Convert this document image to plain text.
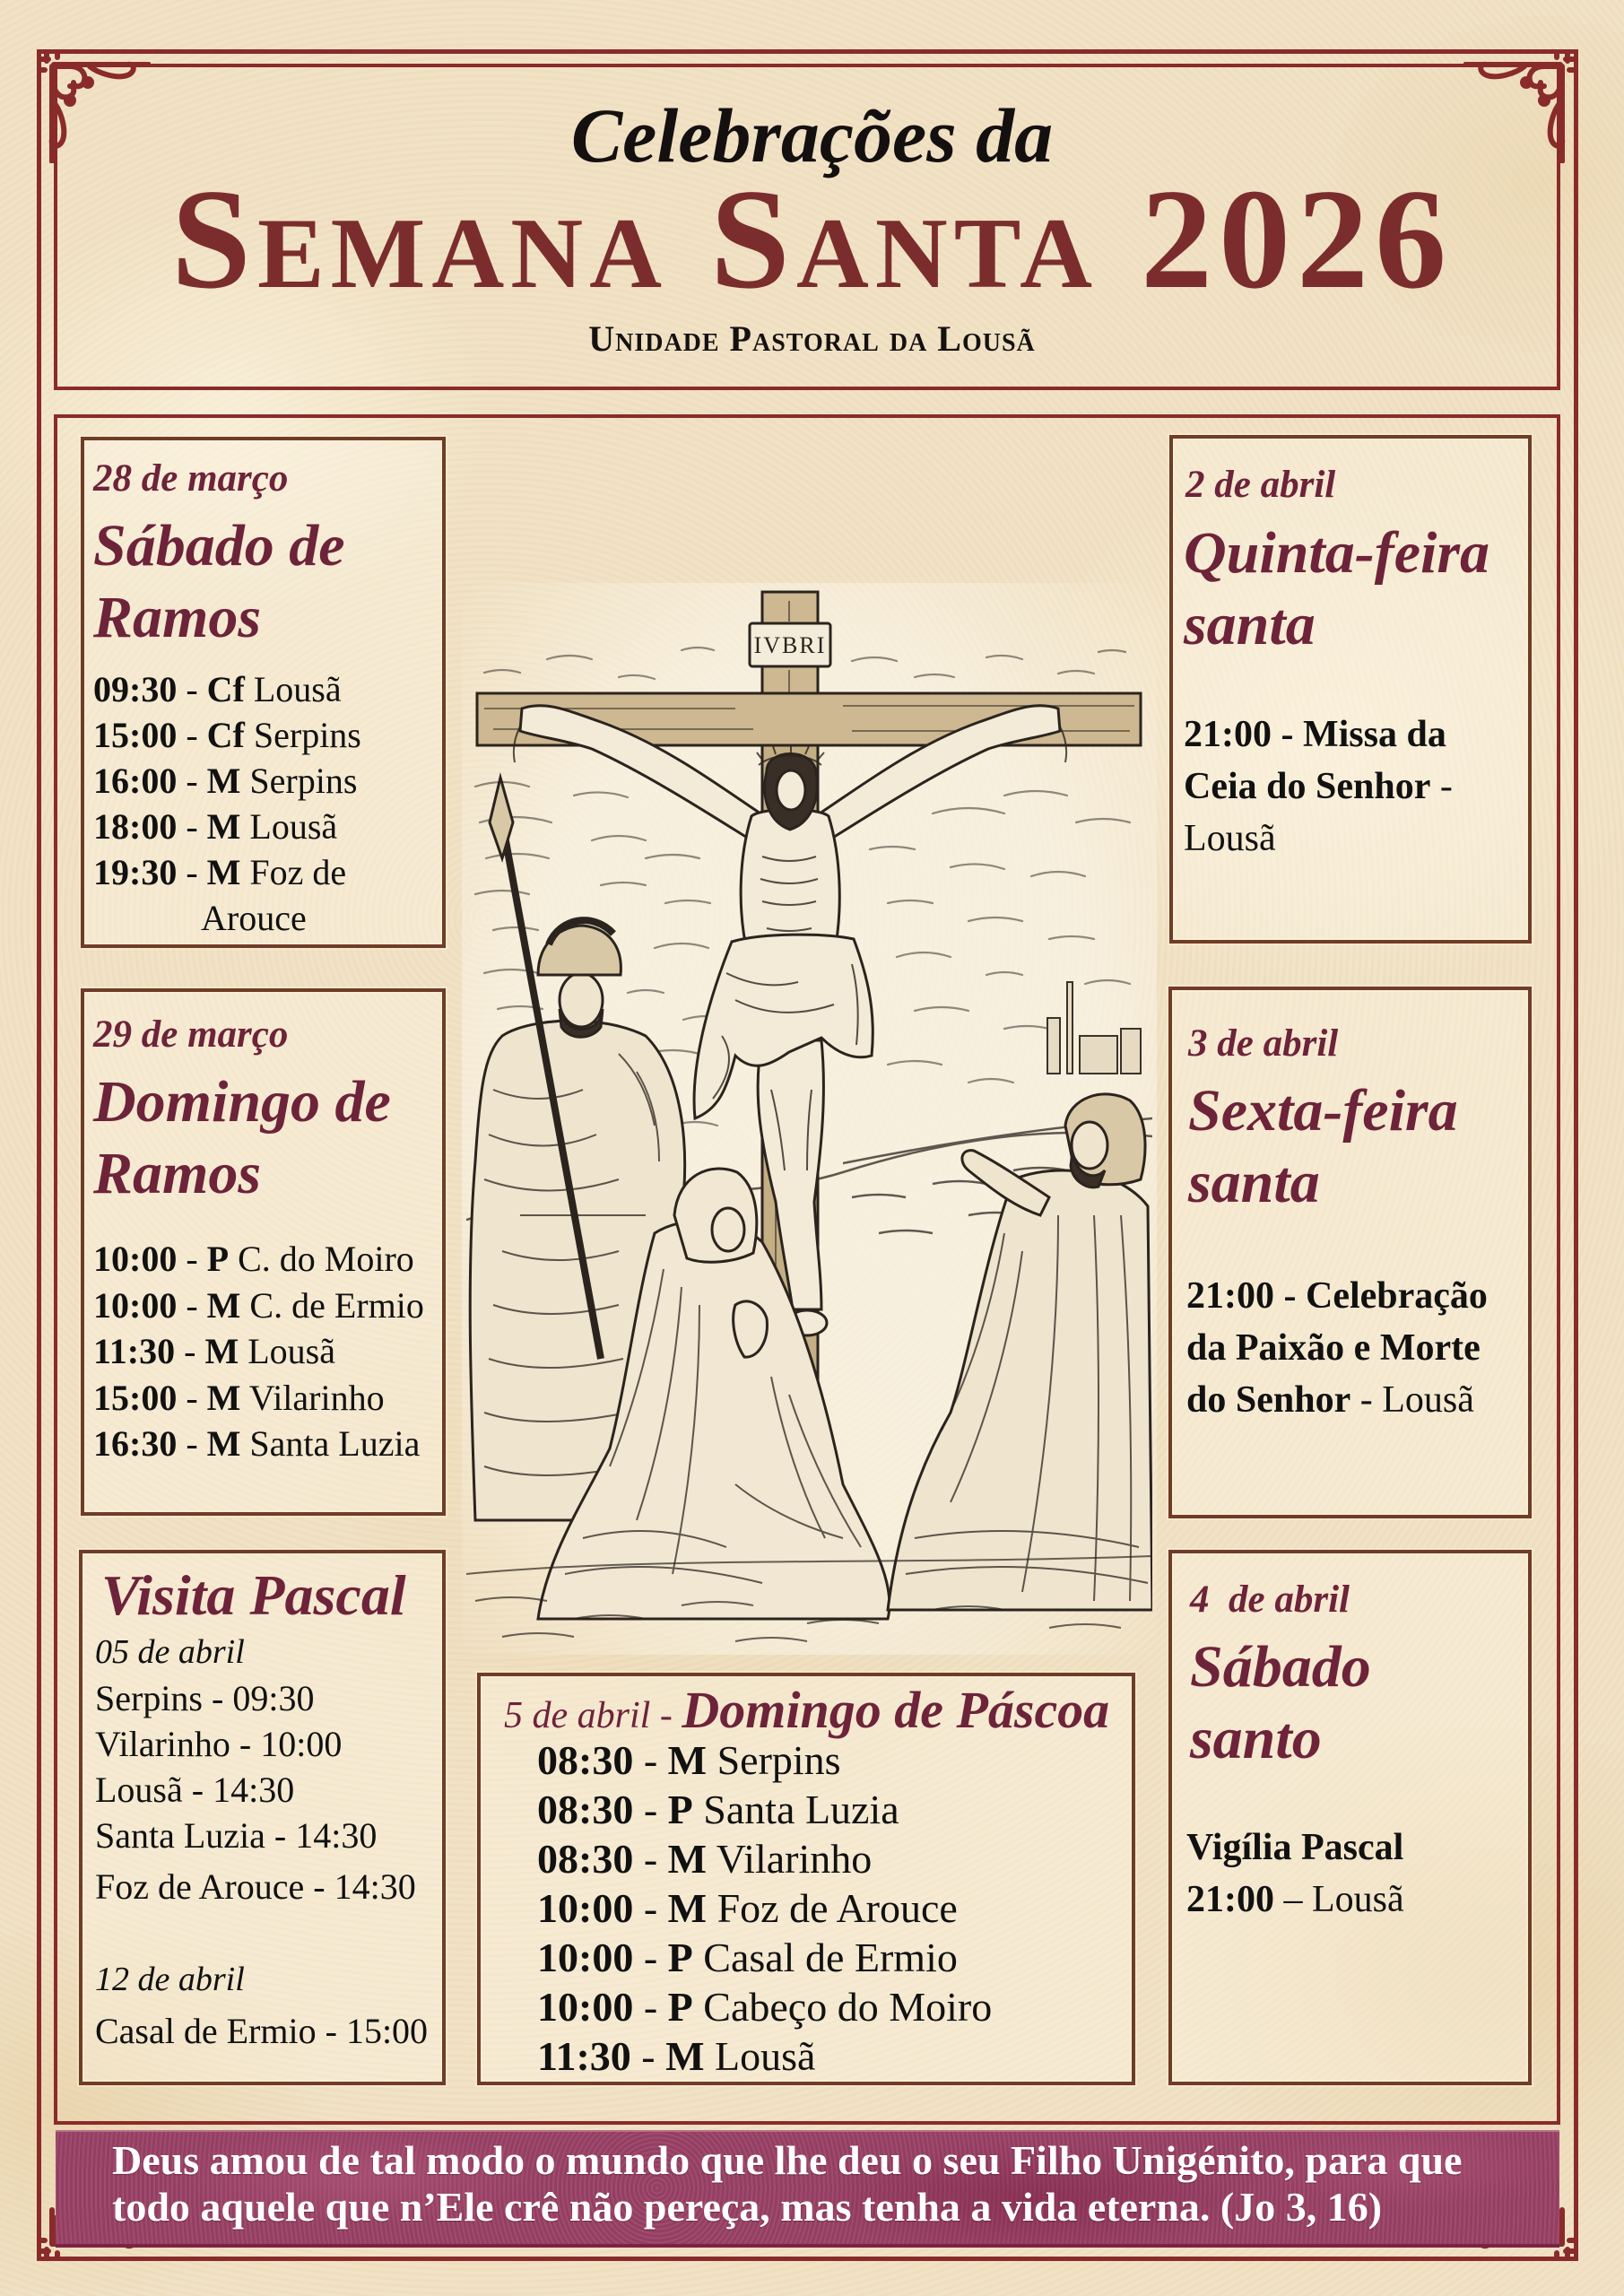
Celebrações da
Semana Santa 2026
Unidade Pastoral da Lousã
IVBRI
28 de março
Sábado de
Ramos
09:30 - Cf Lousã
15:00 - Cf Serpins
16:00 - M Serpins
18:00 - M Lousã
19:30 - M Foz de Arouce
29 de março
Domingo de
Ramos
10:00 - P C. do Moiro
10:00 - M C. de Ermio
11:30 - M Lousã
15:00 - M Vilarinho
16:30 - M Santa Luzia
Visita Pascal
05 de abril
Serpins - 09:30
Vilarinho - 10:00
Lousã - 14:30
Santa Luzia - 14:30
Foz de Arouce - 14:30
12 de abril
Casal de Ermio - 15:00
2 de abril
Quinta-feira
santa

21:00 - Missa da Ceia do Senhor - Lousã

3 de abril
Sexta-feira
santa

21:00 - Celebração da Paixão e Morte do Senhor - Lousã

4  de abril
Sábado
santo

Vigília Pascal
21:00 – Lousã

5 de abril - Domingo de Páscoa
08:30 - M Serpins
08:30 - P Santa Luzia
08:30 - M Vilarinho
10:00 - M Foz de Arouce
10:00 - P Casal de Ermio
10:00 - P Cabeço do Moiro
11:30 - M Lousã
Deus amou de tal modo o mundo que lhe deu o seu Filho Unigénito, para que
todo aquele que n’Ele crê não pereça, mas tenha a vida eterna. (Jo 3, 16)
